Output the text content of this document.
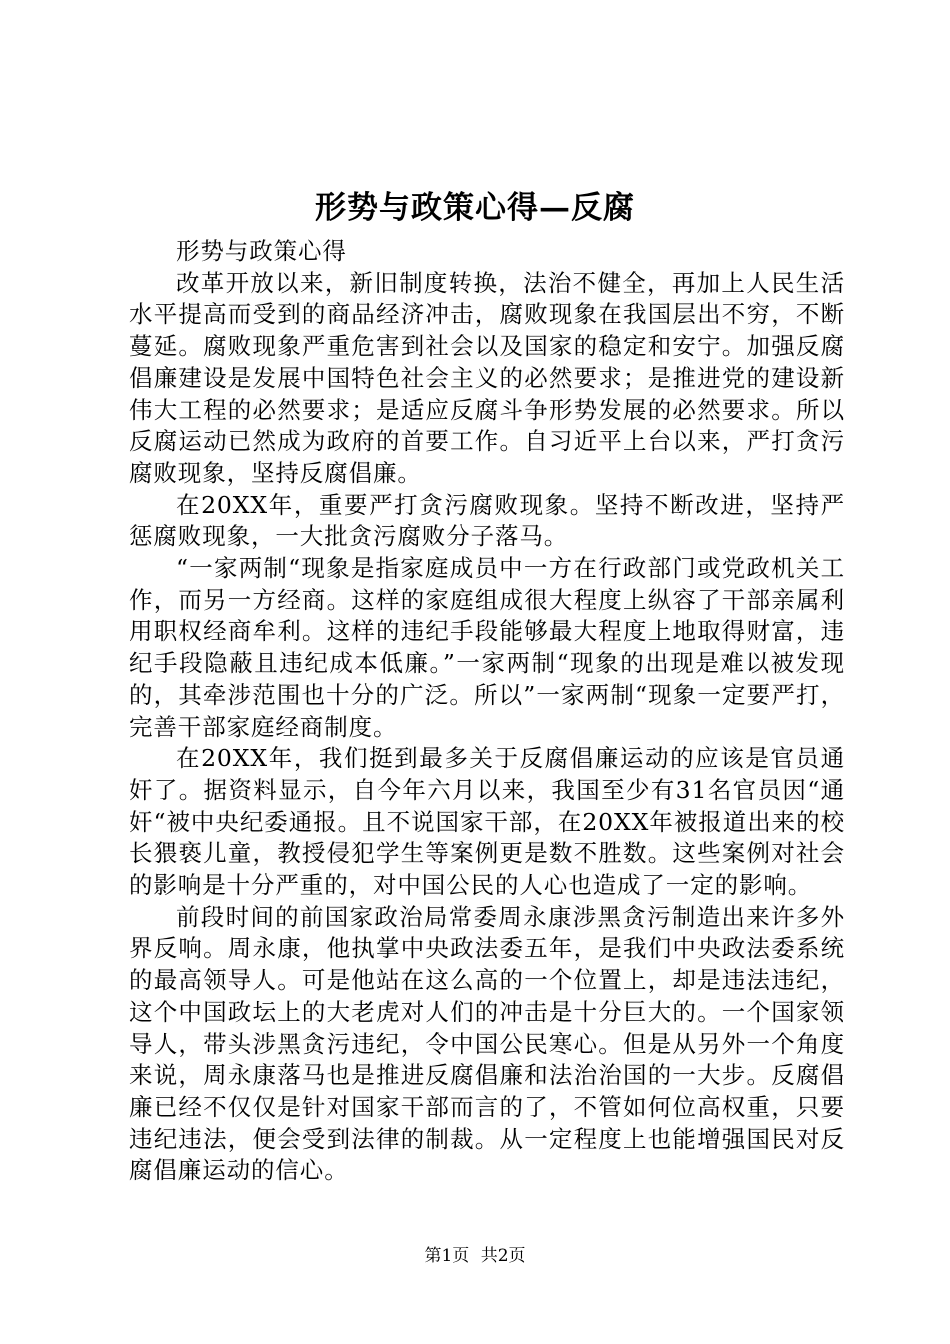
形势与政策心得—反腐

形势与政策心得

改革开放以来，新旧制度转换，法治不健全，再加上人民生活水平提高而受到的商品经济冲击，腐败现象在我国层出不穷，不断蔓延。腐败现象严重危害到社会以及国家的稳定和安宁。加强反腐倡廉建设是发展中国特色社会主义的必然要求；是推进党的建设新伟大工程的必然要求；是适应反腐斗争形势发展的必然要求。所以反腐运动已然成为政府的首要工作。自习近平上台以来，严打贪污腐败现象，坚持反腐倡廉。

在20XX年，重要严打贪污腐败现象。坚持不断改进，坚持严惩腐败现象，一大批贪污腐败分子落马。

“一家两制“现象是指家庭成员中一方在行政部门或党政机关工作，而另一方经商。这样的家庭组成很大程度上纵容了干部亲属利用职权经商牟利。这样的违纪手段能够最大程度上地取得财富，违纪手段隐蔽且违纪成本低廉。”一家两制“现象的出现是难以被发现的，其牵涉范围也十分的广泛。所以”一家两制“现象一定要严打，完善干部家庭经商制度。

在20XX年，我们挺到最多关于反腐倡廉运动的应该是官员通奸了。据资料显示，自今年六月以来，我国至少有31名官员因“通奸“被中央纪委通报。且不说国家干部，在20XX年被报道出来的校长猥亵儿童，教授侵犯学生等案例更是数不胜数。这些案例对社会的影响是十分严重的，对中国公民的人心也造成了一定的影响。

前段时间的前国家政治局常委周永康涉黑贪污制造出来许多外界反响。周永康，他执掌中央政法委五年，是我们中央政法委系统的最高领导人。可是他站在这么高的一个位置上，却是违法违纪，这个中国政坛上的大老虎对人们的冲击是十分巨大的。一个国家领导人，带头涉黑贪污违纪，令中国公民寒心。但是从另外一个角度来说，周永康落马也是推进反腐倡廉和法治治国的一大步。反腐倡廉已经不仅仅是针对国家干部而言的了，不管如何位高权重，只要违纪违法，便会受到法律的制裁。从一定程度上也能增强国民对反腐倡廉运动的信心。

第1页 共2页
